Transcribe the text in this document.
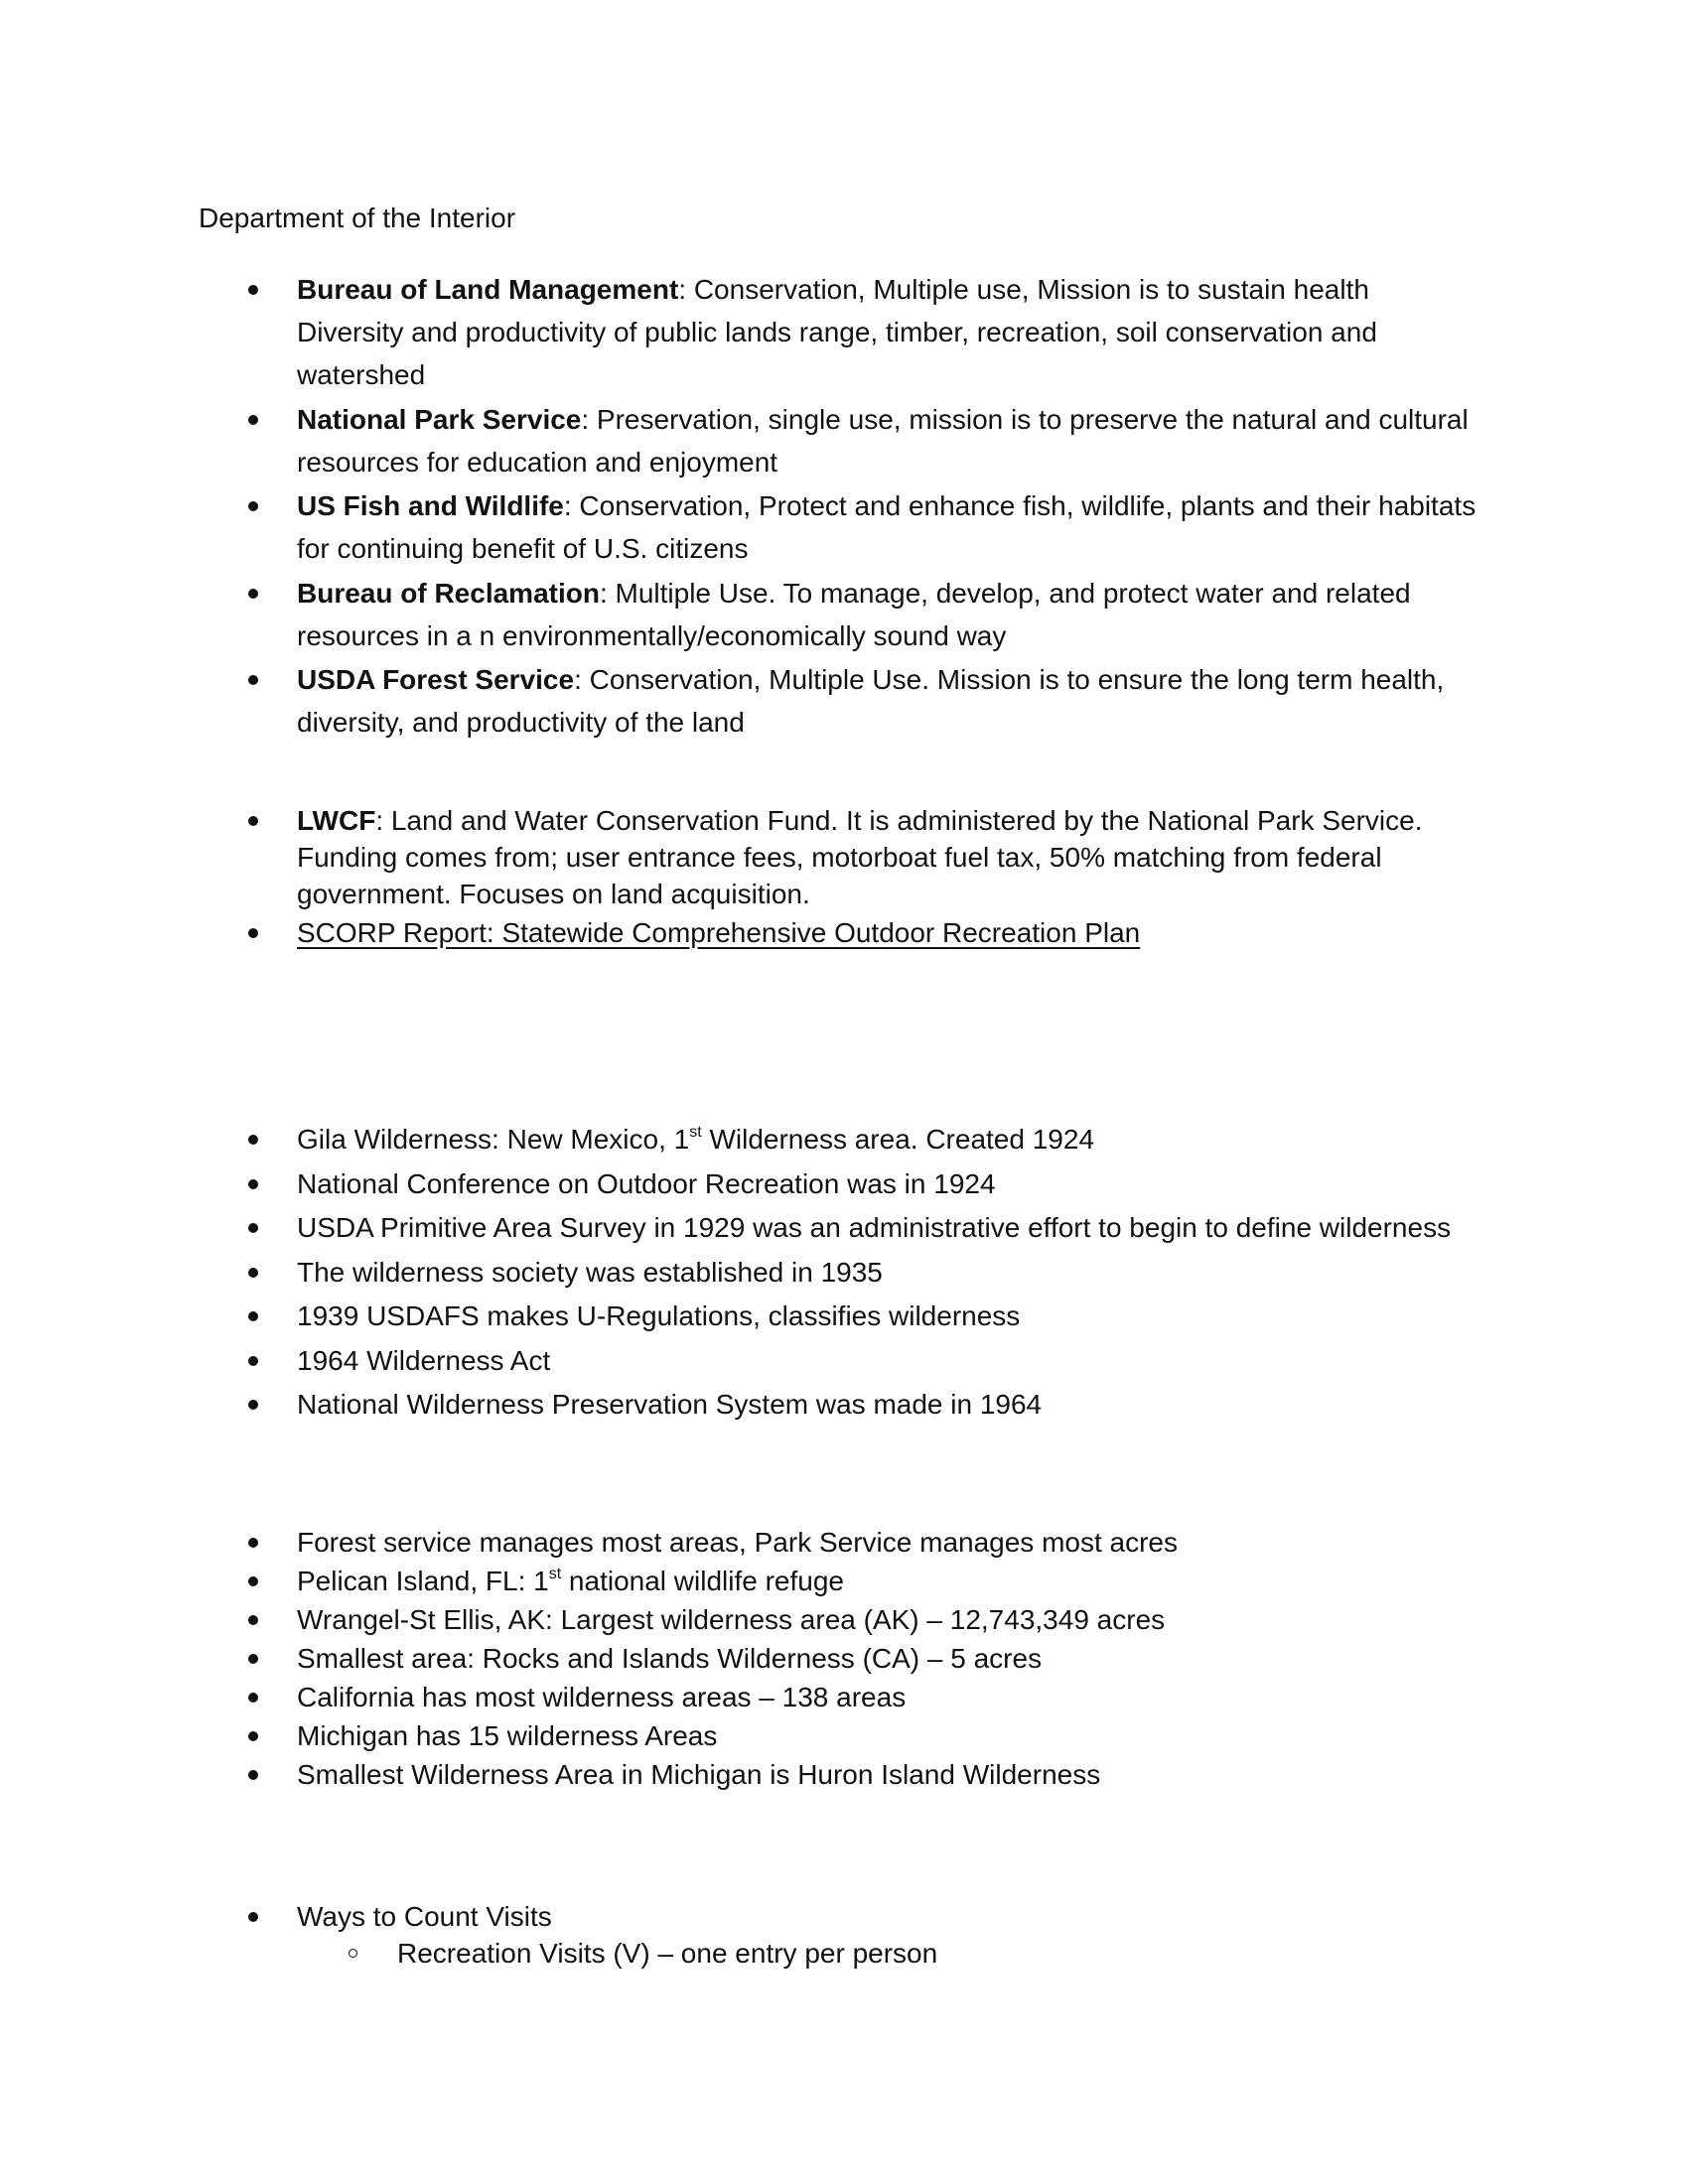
Department of the Interior
Bureau of Land Management: Conservation, Multiple use, Mission is to sustain health Diversity and productivity of public lands range, timber, recreation, soil conservation and watershed
National Park Service: Preservation, single use, mission is to preserve the natural and cultural resources for education and enjoyment
US Fish and Wildlife: Conservation, Protect and enhance fish, wildlife, plants and their habitats for continuing benefit of U.S. citizens
Bureau of Reclamation: Multiple Use. To manage, develop, and protect water and related resources in a n environmentally/economically sound way
USDA Forest Service: Conservation, Multiple Use. Mission is to ensure the long term health, diversity, and productivity of the land
LWCF: Land and Water Conservation Fund. It is administered by the National Park Service. Funding comes from; user entrance fees, motorboat fuel tax, 50% matching from federal government. Focuses on land acquisition.
SCORP Report: Statewide Comprehensive Outdoor Recreation Plan
Gila Wilderness: New Mexico, 1st Wilderness area. Created 1924
National Conference on Outdoor Recreation was in 1924
USDA Primitive Area Survey in 1929 was an administrative effort to begin to define wilderness
The wilderness society was established in 1935
1939 USDAFS makes U-Regulations, classifies wilderness
1964 Wilderness Act
National Wilderness Preservation System was made in 1964
Forest service manages most areas, Park Service manages most acres
Pelican Island, FL: 1st national wildlife refuge
Wrangel-St Ellis, AK: Largest wilderness area (AK) – 12,743,349 acres
Smallest area: Rocks and Islands Wilderness (CA) – 5 acres
California has most wilderness areas – 138 areas
Michigan has 15 wilderness Areas
Smallest Wilderness Area in Michigan is Huron Island Wilderness
Ways to Count Visits
Recreation Visits (V) – one entry per person
